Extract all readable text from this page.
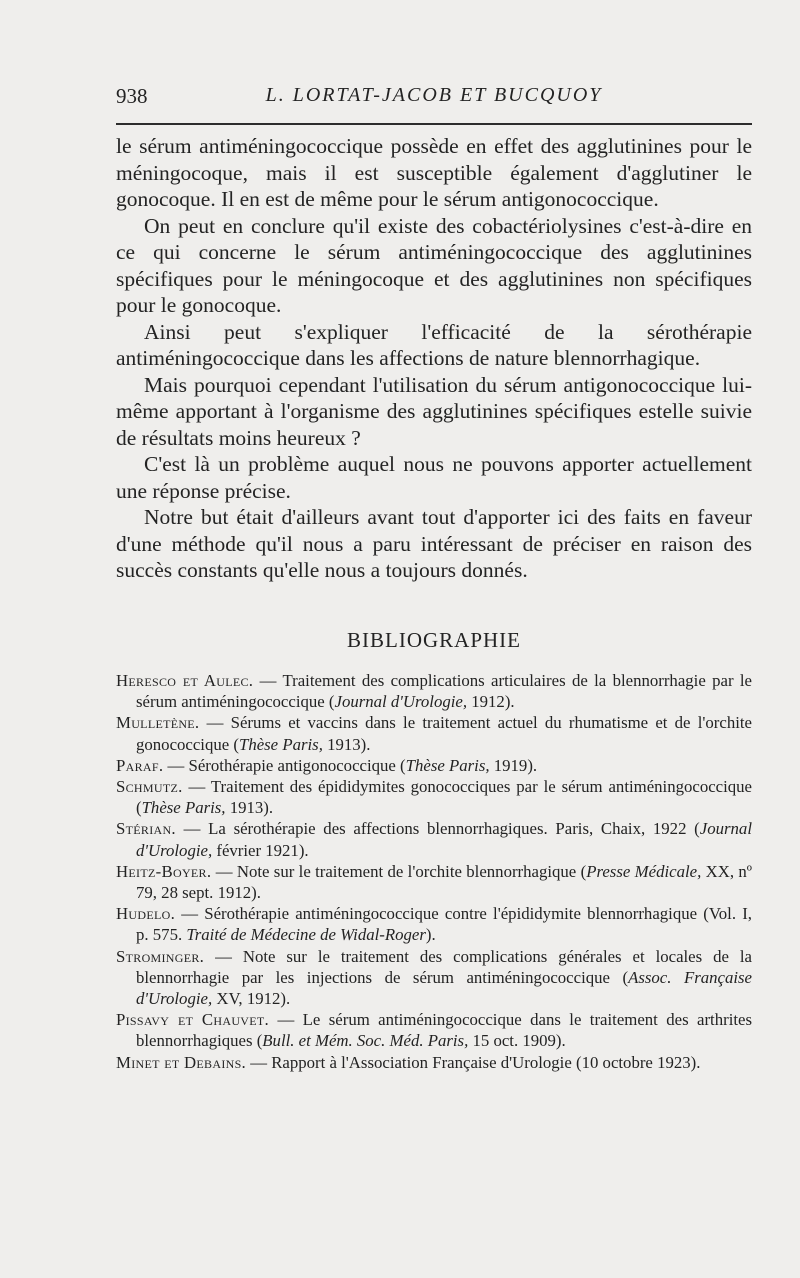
938	L. LORTAT-JACOB ET BUCQUOY

le sérum antiméningococcique possède en effet des agglutinines pour le méningocoque, mais il est susceptible également d'agglutiner le gonocoque. Il en est de même pour le sérum antigonococcique.

On peut en conclure qu'il existe des cobactériolysines c'est-à-dire en ce qui concerne le sérum antiméningococcique des agglutinines spécifiques pour le méningocoque et des agglutinines non spécifiques pour le gonocoque.

Ainsi peut s'expliquer l'efficacité de la sérothérapie antiméningococcique dans les affections de nature blennorrhagique.

Mais pourquoi cependant l'utilisation du sérum antigonococcique lui-même apportant à l'organisme des agglutinines spécifiques estelle suivie de résultats moins heureux ?

C'est là un problème auquel nous ne pouvons apporter actuellement une réponse précise.

Notre but était d'ailleurs avant tout d'apporter ici des faits en faveur d'une méthode qu'il nous a paru intéressant de préciser en raison des succès constants qu'elle nous a toujours donnés.

BIBLIOGRAPHIE

Heresco et Aulec. — Traitement des complications articulaires de la blennorrhagie par le sérum antiméningococcique (Journal d'Urologie, 1912).

Mulletène. — Sérums et vaccins dans le traitement actuel du rhumatisme et de l'orchite gonococcique (Thèse Paris, 1913).

Paraf. — Sérothérapie antigonococcique (Thèse Paris, 1919).

Schmutz. — Traitement des épididymites gonococciques par le sérum antiméningococcique (Thèse Paris, 1913).

Stérian. — La sérothérapie des affections blennorrhagiques. Paris, Chaix, 1922 (Journal d'Urologie, février 1921).

Heitz-Boyer. — Note sur le traitement de l'orchite blennorrhagique (Presse Médicale, XX, nº 79, 28 sept. 1912).

Hudelo. — Sérothérapie antiméningococcique contre l'épididymite blennorrhagique (Vol. I, p. 575. Traité de Médecine de Widal-Roger).

Strominger. — Note sur le traitement des complications générales et locales de la blennorrhagie par les injections de sérum antiméningococcique (Assoc. Française d'Urologie, XV, 1912).

Pissavy et Chauvet. — Le sérum antiméningococcique dans le traitement des arthrites blennorrhagiques (Bull. et Mém. Soc. Méd. Paris, 15 oct. 1909).

Minet et Debains. — Rapport à l'Association Française d'Urologie (10 octobre 1923).
